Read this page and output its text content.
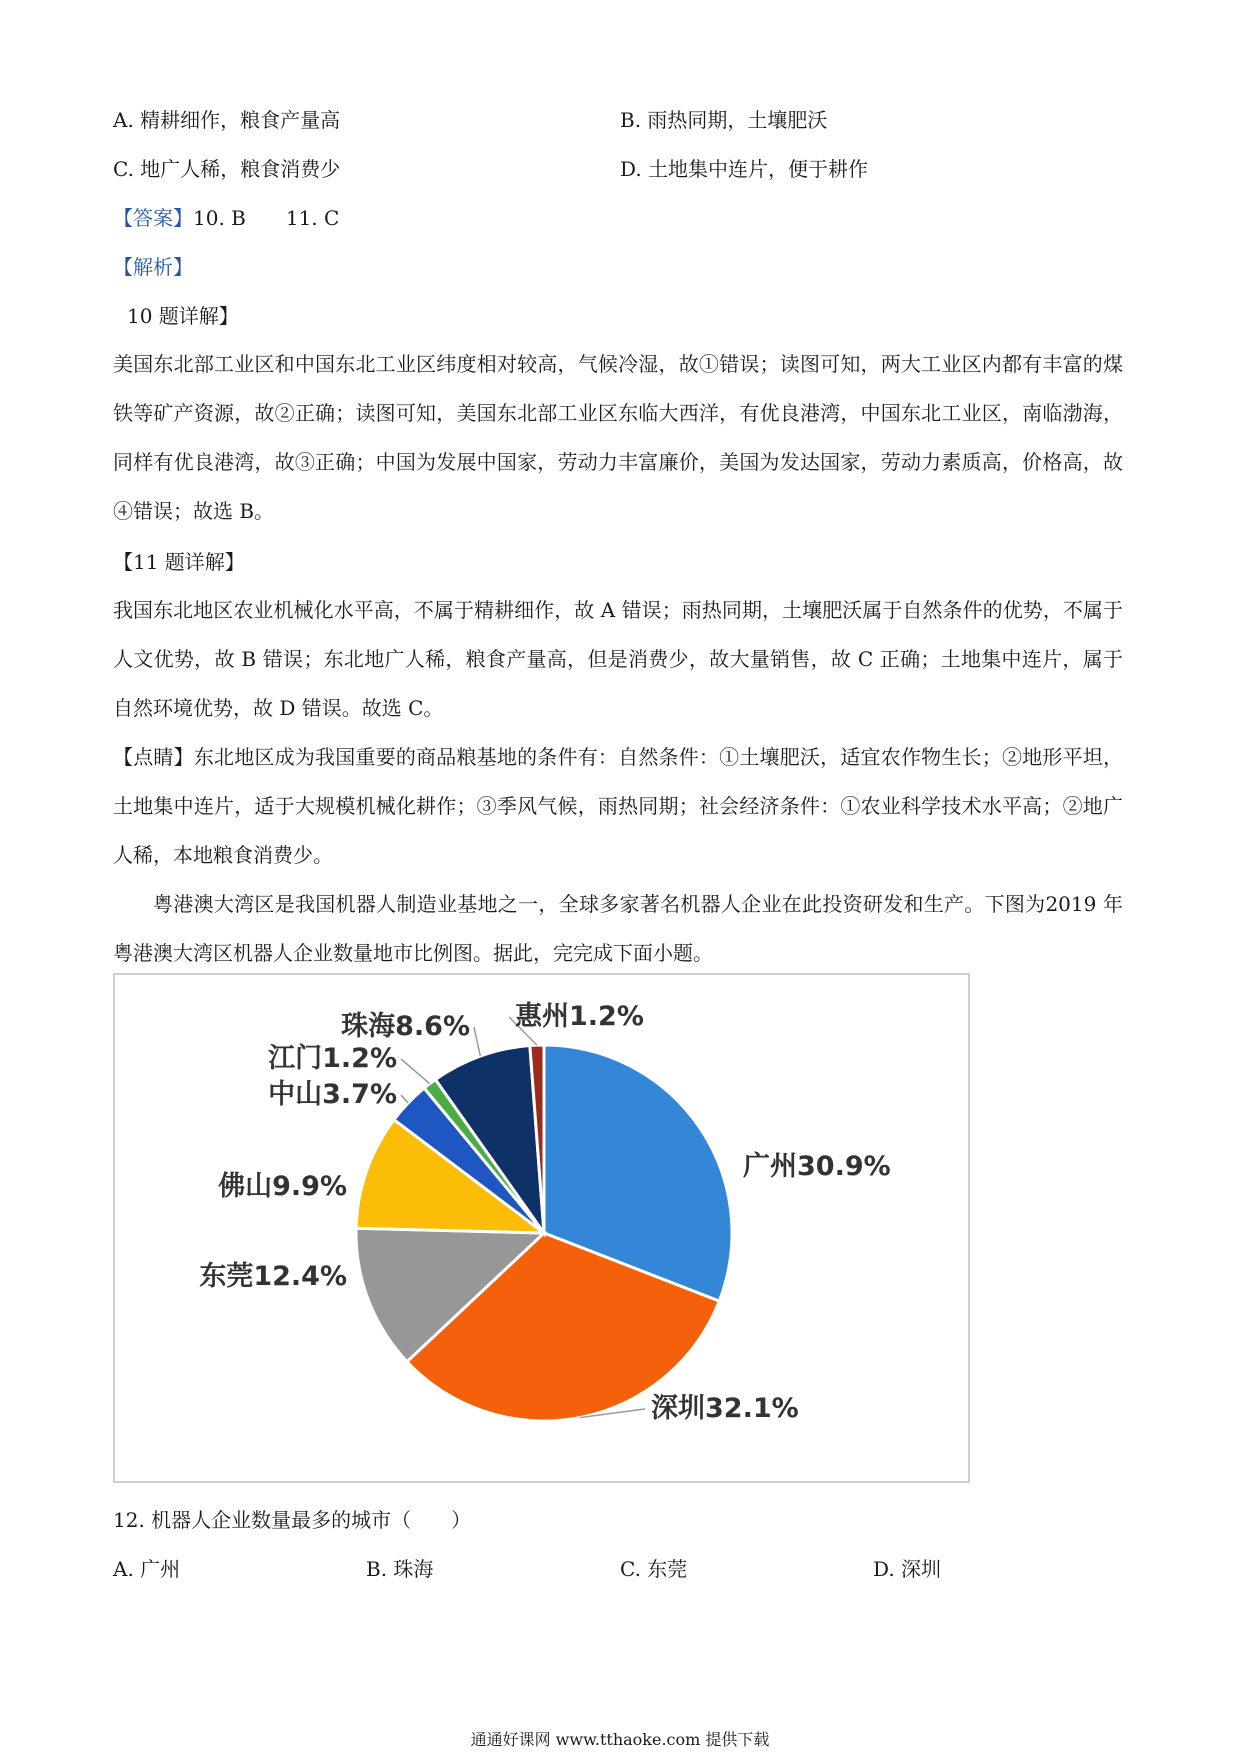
A. 精耕细作，粮食产量高	B. 雨热同期，土壤肥沃
C. 地广人稀，粮食消费少	D. 土地集中连片，便于耕作
【答案】10. B　　11. C
【解析】
10 题详解】
美国东北部工业区和中国东北工业区纬度相对较高，气候冷湿，故①错误；读图可知，两大工业区内都有丰富的煤铁等矿产资源，故②正确；读图可知，美国东北部工业区东临大西洋，有优良港湾，中国东北工业区，南临渤海，同样有优良港湾，故③正确；中国为发展中国家，劳动力丰富廉价，美国为发达国家，劳动力素质高，价格高，故④错误；故选 B。
【11 题详解】
我国东北地区农业机械化水平高，不属于精耕细作，故 A 错误；雨热同期，土壤肥沃属于自然条件的优势，不属于人文优势，故 B 错误；东北地广人稀，粮食产量高，但是消费少，故大量销售，故 C 正确；土地集中连片，属于自然环境优势，故 D 错误。故选 C。
【点睛】东北地区成为我国重要的商品粮基地的条件有：自然条件：①土壤肥沃，适宜农作物生长；②地形平坦，土地集中连片，适于大规模机械化耕作；③季风气候，雨热同期；社会经济条件：①农业科学技术水平高；②地广人稀，本地粮食消费少。
粤港澳大湾区是我国机器人制造业基地之一，全球多家著名机器人企业在此投资研发和生产。下图为2019 年粤港澳大湾区机器人企业数量地市比例图。据此，完完成下面小题。
广州30.9%
深圳32.1%
东莞12.4%
佛山9.9%
中山3.7%
江门1.2%
珠海8.6% 惠州1.2%
12. 机器人企业数量最多的城市（　　）
A. 广州	B. 珠海	C. 东莞	D. 深圳
通通好课网 www.tthaoke.com 提供下载
